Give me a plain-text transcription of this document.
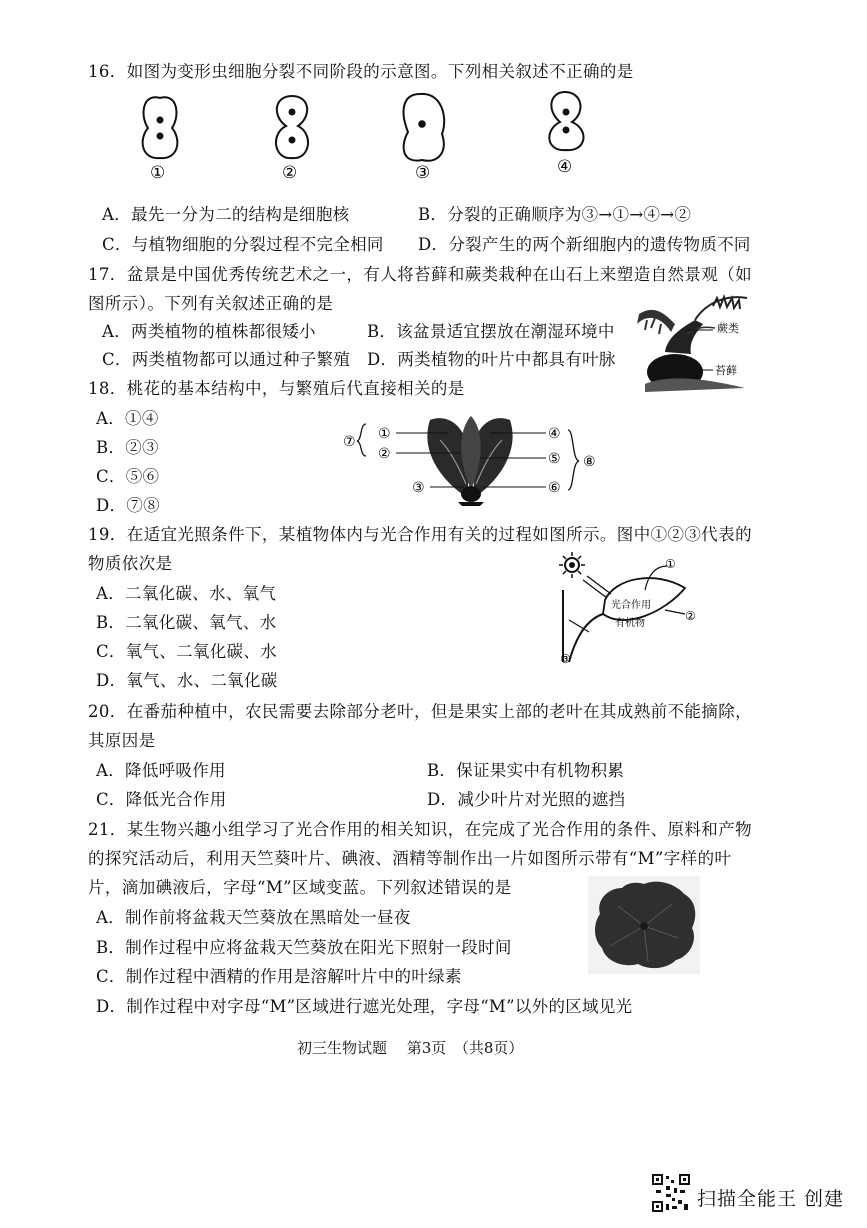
16．如图为变形虫细胞分裂不同阶段的示意图。下列相关叙述不正确的是
①	②	③	④
A．最先一分为二的结构是细胞核	B．分裂的正确顺序为③→①→④→②
C．与植物细胞的分裂过程不完全相同 D．分裂产生的两个新细胞内的遗传物质不同
17．盆景是中国优秀传统艺术之一，有人将苔藓和蕨类栽种在山石上来塑造自然景观（如
图所示）。下列有关叙述正确的是
A．两类植物的植株都很矮小	B．该盆景适宜摆放在潮湿环境中
C．两类植物都可以通过种子繁殖 D．两类植物的叶片中都具有叶脉
蕨类
苔藓
18．桃花的基本结构中，与繁殖后代直接相关的是
A．①④
B．②③
C．⑤⑥
D．⑦⑧
⑦ ①
②
③
④
⑤
⑥
⑧
19．在适宜光照条件下，某植物体内与光合作用有关的过程如图所示。图中①②③代表的
物质依次是
A．二氧化碳、水、氧气
B．二氧化碳、氧气、水
C．氧气、二氧化碳、水
D．氧气、水、二氧化碳
光合作用
有机物
①
②
③
20．在番茄种植中，农民需要去除部分老叶，但是果实上部的老叶在其成熟前不能摘除，
其原因是
A．降低呼吸作用	B．保证果实中有机物积累
C．降低光合作用	D．减少叶片对光照的遮挡
21．某生物兴趣小组学习了光合作用的相关知识，在完成了光合作用的条件、原料和产物
的探究活动后，利用天竺葵叶片、碘液、酒精等制作出一片如图所示带有“M”字样的叶
片，滴加碘液后，字母“M”区域变蓝。下列叙述错误的是
A．制作前将盆栽天竺葵放在黑暗处一昼夜
B．制作过程中应将盆栽天竺葵放在阳光下照射一段时间
C．制作过程中酒精的作用是溶解叶片中的叶绿素
D．制作过程中对字母“M”区域进行遮光处理，字母“M”以外的区域见光
初三生物试题　 第3页　（共8页）
扫描全能王 创建
